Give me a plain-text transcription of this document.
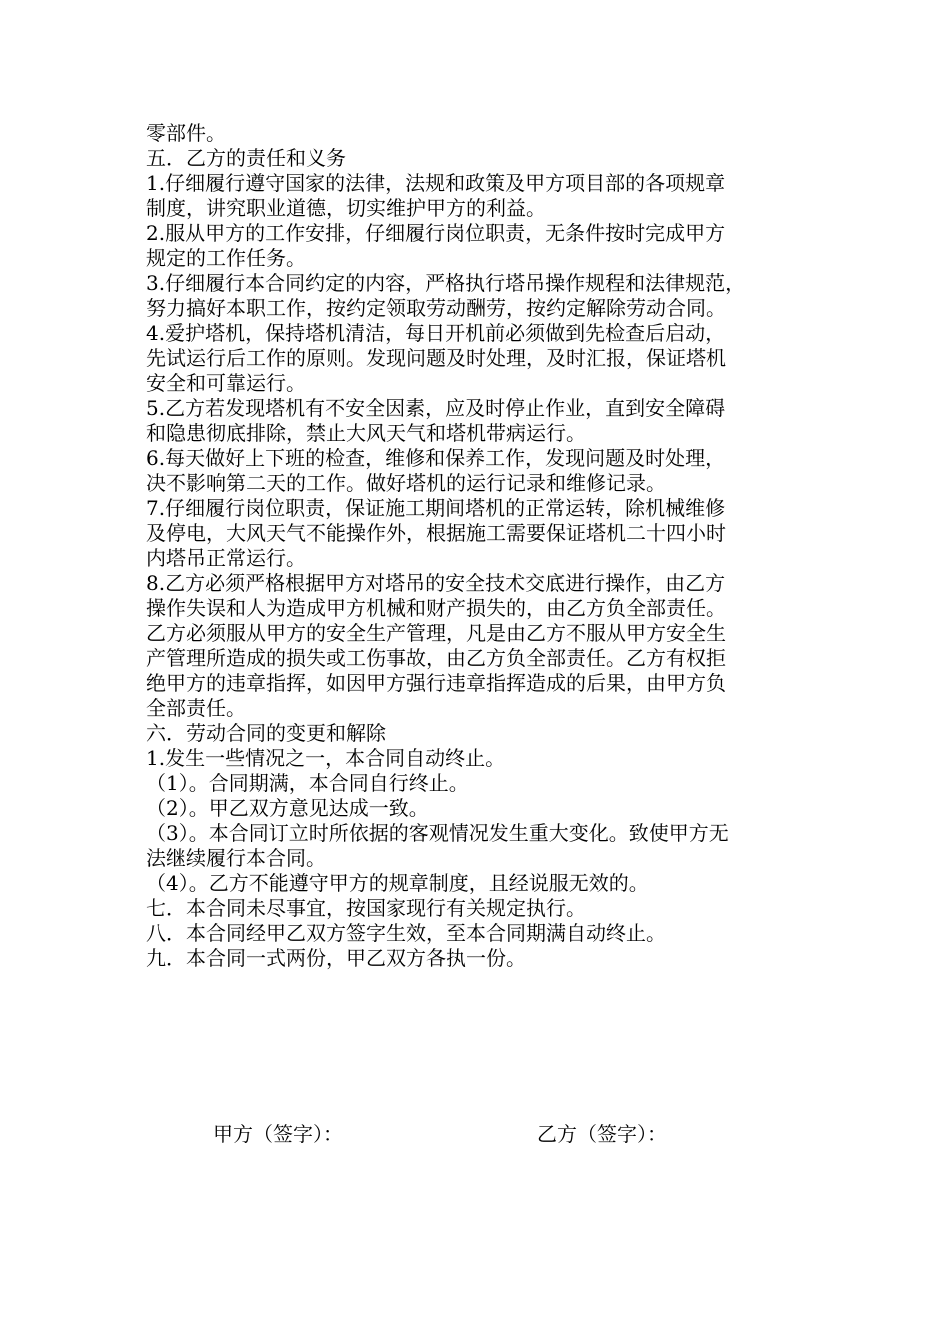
零部件。
五．乙方的责任和义务
1.仔细履行遵守国家的法律，法规和政策及甲方项目部的各项规章
制度，讲究职业道德，切实维护甲方的利益。
2.服从甲方的工作安排，仔细履行岗位职责，无条件按时完成甲方
规定的工作任务。
3.仔细履行本合同约定的内容，严格执行塔吊操作规程和法律规范，
努力搞好本职工作，按约定领取劳动酬劳，按约定解除劳动合同。
4.爱护塔机，保持塔机清洁，每日开机前必须做到先检查后启动，
先试运行后工作的原则。发现问题及时处理，及时汇报，保证塔机
安全和可靠运行。
5.乙方若发现塔机有不安全因素，应及时停止作业，直到安全障碍
和隐患彻底排除，禁止大风天气和塔机带病运行。
6.每天做好上下班的检查，维修和保养工作，发现问题及时处理，
决不影响第二天的工作。做好塔机的运行记录和维修记录。
7.仔细履行岗位职责，保证施工期间塔机的正常运转，除机械维修
及停电，大风天气不能操作外，根据施工需要保证塔机二十四小时
内塔吊正常运行。
8.乙方必须严格根据甲方对塔吊的安全技术交底进行操作，由乙方
操作失误和人为造成甲方机械和财产损失的，由乙方负全部责任。
乙方必须服从甲方的安全生产管理，凡是由乙方不服从甲方安全生
产管理所造成的损失或工伤事故，由乙方负全部责任。乙方有权拒
绝甲方的违章指挥，如因甲方强行违章指挥造成的后果，由甲方负
全部责任。
六．劳动合同的变更和解除
1.发生一些情况之一，本合同自动终止。
（1）。合同期满，本合同自行终止。
（2）。甲乙双方意见达成一致。
（3）。本合同订立时所依据的客观情况发生重大变化。致使甲方无
法继续履行本合同。
（4）。乙方不能遵守甲方的规章制度，且经说服无效的。
七．本合同未尽事宜，按国家现行有关规定执行。
八．本合同经甲乙双方签字生效，至本合同期满自动终止。
九．本合同一式两份，甲乙双方各执一份。
甲方（签字）：	乙方（签字）：
